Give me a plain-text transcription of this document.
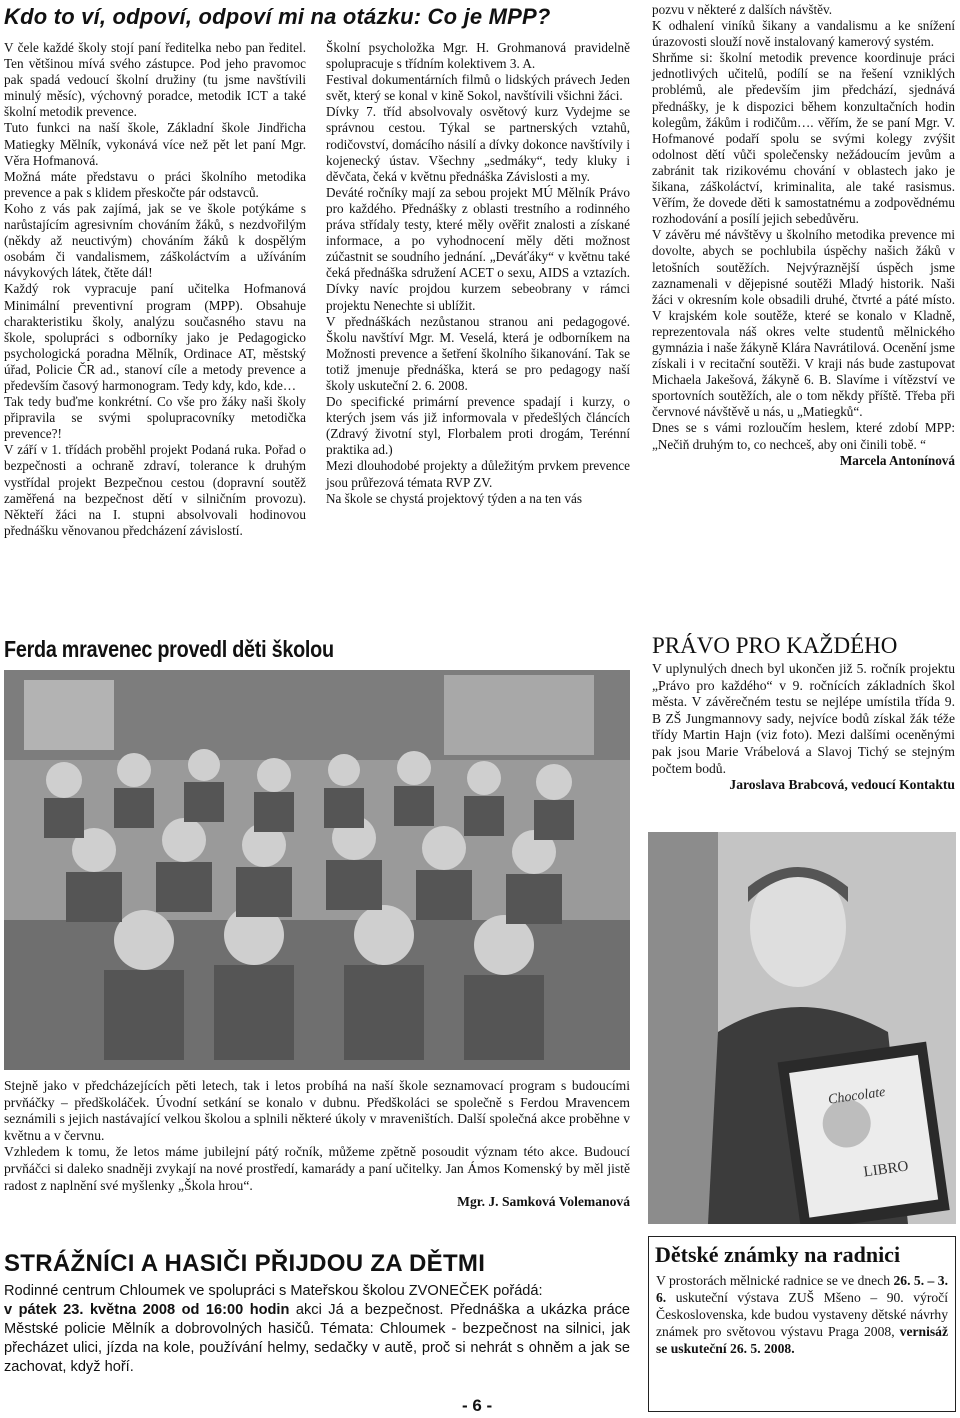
Kdo to ví, odpoví, odpoví mi na otázku: Co je MPP?

V čele každé školy stojí paní ředitelka nebo pan ředitel. Ten většinou mívá svého zástupce. Pod jeho pravomoc pak spadá vedoucí školní družiny (tu jsme navštívili minulý měsíc), výchovný poradce, metodik ICT a také školní metodik prevence.

Tuto funkci na naší škole, Základní škole Jindřicha Matiegky Mělník, vykonává více než pět let paní Mgr. Věra Hofmanová.

Možná máte představu o práci školního metodika prevence a pak s klidem přeskočte pár odstavců.

Koho z vás pak zajímá, jak se ve škole potýkáme s narůstajícím agresivním chováním žáků, s nezdvořilým (někdy až neuctivým) chováním žáků k dospělým osobám či vandalismem, záškoláctvím a užíváním návykových látek, čtěte dál!

Každý rok vypracuje paní učitelka Hofmanová Minimální preventivní program (MPP). Obsahuje charakteristiku školy, analýzu současného stavu na škole, spolupráci s odborníky jako je Pedagogicko psychologická poradna Mělník, Ordinace AT, městský úřad, Policie ČR ad., stanoví cíle a metody prevence a především časový harmonogram. Tedy kdy, kdo, kde…

Tak tedy buďme konkrétní. Co vše pro žáky naši školy připravila se svými spolupracovníky metodička prevence?!

V září v 1. třídách proběhl projekt Podaná ruka. Pořad o bezpečnosti a ochraně zdraví, tolerance k druhým vystřídal projekt Bezpečnou cestou (dopravní soutěž zaměřená na bezpečnost dětí v silničním provozu). Někteří žáci na I. stupni absolvovali hodinovou přednášku věnovanou předcházení závislostí.

Školní psycholožka Mgr. H. Grohmanová pravidelně spolupracuje s třídním kolektivem 3. A.

Festival dokumentárních filmů o lidských právech Jeden svět, který se konal v kině Sokol, navštívili všichni žáci.

Dívky 7. tříd absolvovaly osvětový kurz Vydejme se správnou cestou. Týkal se partnerských vztahů, rodičovství, domácího násilí a dívky dokonce navštívily i kojenecký ústav. Všechny „sedmáky“, tedy kluky i děvčata, čeká v květnu přednáška Závislosti a my.

Deváté ročníky mají za sebou projekt MÚ Mělník Právo pro každého. Přednášky z oblasti trestního a rodinného práva střídaly testy, které měly ověřit znalosti a získané informace, a po vyhodnocení měly děti možnost zúčastnit se soudního jednání. „Deváťáky“ v květnu také čeká přednáška sdružení ACET o sexu, AIDS a vztazích. Dívky navíc projdou kurzem sebeobrany v rámci projektu Nenechte si ublížit.

V přednáškách nezůstanou stranou ani pedagogové. Školu navštíví Mgr. M. Veselá, která je odborníkem na Možnosti prevence a šetření školního šikanování. Tak se totiž jmenuje přednáška, která se pro pedagogy naší školy uskuteční 2. 6. 2008.

Do specifické primární prevence spadají i kurzy, o kterých jsem vás již informovala v předešlých článcích (Zdravý životní styl, Florbalem proti drogám, Terénní praktika ad.)

Mezi dlouhodobé projekty a důležitým prvkem prevence jsou průřezová témata RVP ZV.

Na škole se chystá projektový týden a na ten vás

pozvu v některé z dalších návštěv.

K odhalení viníků šikany a vandalismu a ke snížení úrazovosti slouží nově instalovaný kamerový systém.

Shrňme si: školní metodik prevence koordinuje práci jednotlivých učitelů, podílí se na řešení vzniklých problémů, ale především jim předchází, sjednává přednášky, je k dispozici během konzultačních hodin kolegům, žákům i rodičům…. věřím, že se paní Mgr. V. Hofmanové podaří spolu se svými kolegy zvýšit odolnost dětí vůči společensky nežádoucím jevům a zabránit tak rizikovému chování v oblastech jako je šikana, záškoláctví, kriminalita, ale také rasismus. Věřím, že dovede děti k samostatnému a zodpovědnému rozhodování a posílí jejich sebedůvěru.

V závěru mé návštěvy u školního metodika prevence mi dovolte, abych se pochlubila úspěchy našich žáků v letošních soutěžích. Nejvýraznější úspěch jsme zaznamenali v dějepisné soutěži Mladý historik. Naši žáci v okresním kole obsadili druhé, čtvrté a páté místo. V krajském kole soutěže, které se konalo v Kladně, reprezentovala náš okres velte studentů mělnického gymnázia i naše žákyně Klára Navrátilová. Ocenění jsme získali i v recitační soutěži. V kraji nás bude zastupovat Michaela Jakešová, žákyně 6. B. Slavíme i vítězství ve sportovních soutěžích, ale o tom někdy příště. Třeba při červnové návštěvě u nás, u „Matiegků“.

Dnes se s vámi rozloučím heslem, které zdobí MPP: „Nečiň druhým to, co nechceš, aby oni činili tobě. “

Marcela Antonínová

Ferda mravenec provedl děti školou

Stejně jako v předcházejících pěti letech, tak i letos probíhá na naší škole seznamovací program s budoucími prvňáčky – předškoláček. Úvodní setkání se konalo v dubnu. Předškoláci se společně s Ferdou Mravencem seznámili s jejich nastávající velkou školou a splnili některé úkoly v mraveništích. Další společná akce proběhne v květnu a v červnu.

Vzhledem k tomu, že letos máme jubilejní pátý ročník, můžeme zpětně posoudit význam této akce. Budoucí prvňáčci si daleko snadněji zvykají na nové prostředí, kamarády a paní učitelky. Jan Ámos Komenský by měl jistě radost z naplnění své myšlenky „Škola hrou“.

Mgr. J. Samková Volemanová

PRÁVO PRO KAŽDÉHO

V uplynulých dnech byl ukončen již 5. ročník projektu „Právo pro každého“ v 9. ročnících základních škol města. V závěrečném testu se nejlépe umístila třída 9. B ZŠ Jungmannovy sady, nejvíce bodů získal žák téže třídy Martin Hajn (viz foto). Mezi dalšími oceněnými pak jsou Marie Vrábelová a Slavoj Tichý se stejným počtem bodů.

Jaroslava Brabcová, vedoucí Kontaktu

Chocolate
LIBRO
STRÁŽNÍCI A HASIČI PŘIJDOU ZA DĚTMI
Rodinné centrum Chloumek ve spolupráci s Mateřskou školou ZVONEČEK pořádá:
v pátek 23. května 2008 od 16:00 hodin akci Já a bezpečnost. Přednáška a ukázka práce Městské policie Mělník a dobrovolných hasičů. Témata: Chloumek - bezpečnost na silnici, jak přecházet ulici, jízda na kole, používání helmy, sedačky v autě, proč si nehrát s ohněm a jak se zachovat, když hoří.
Dětské známky na radnici

V prostorách mělnické radnice se ve dnech 26. 5. – 3. 6. uskuteční výstava ZUŠ Mšeno – 90. výročí Československa, kde budou vystaveny dětské návrhy známek pro světovou výstavu Praga 2008, vernisáž se uskuteční 26. 5. 2008.

- 6 -
